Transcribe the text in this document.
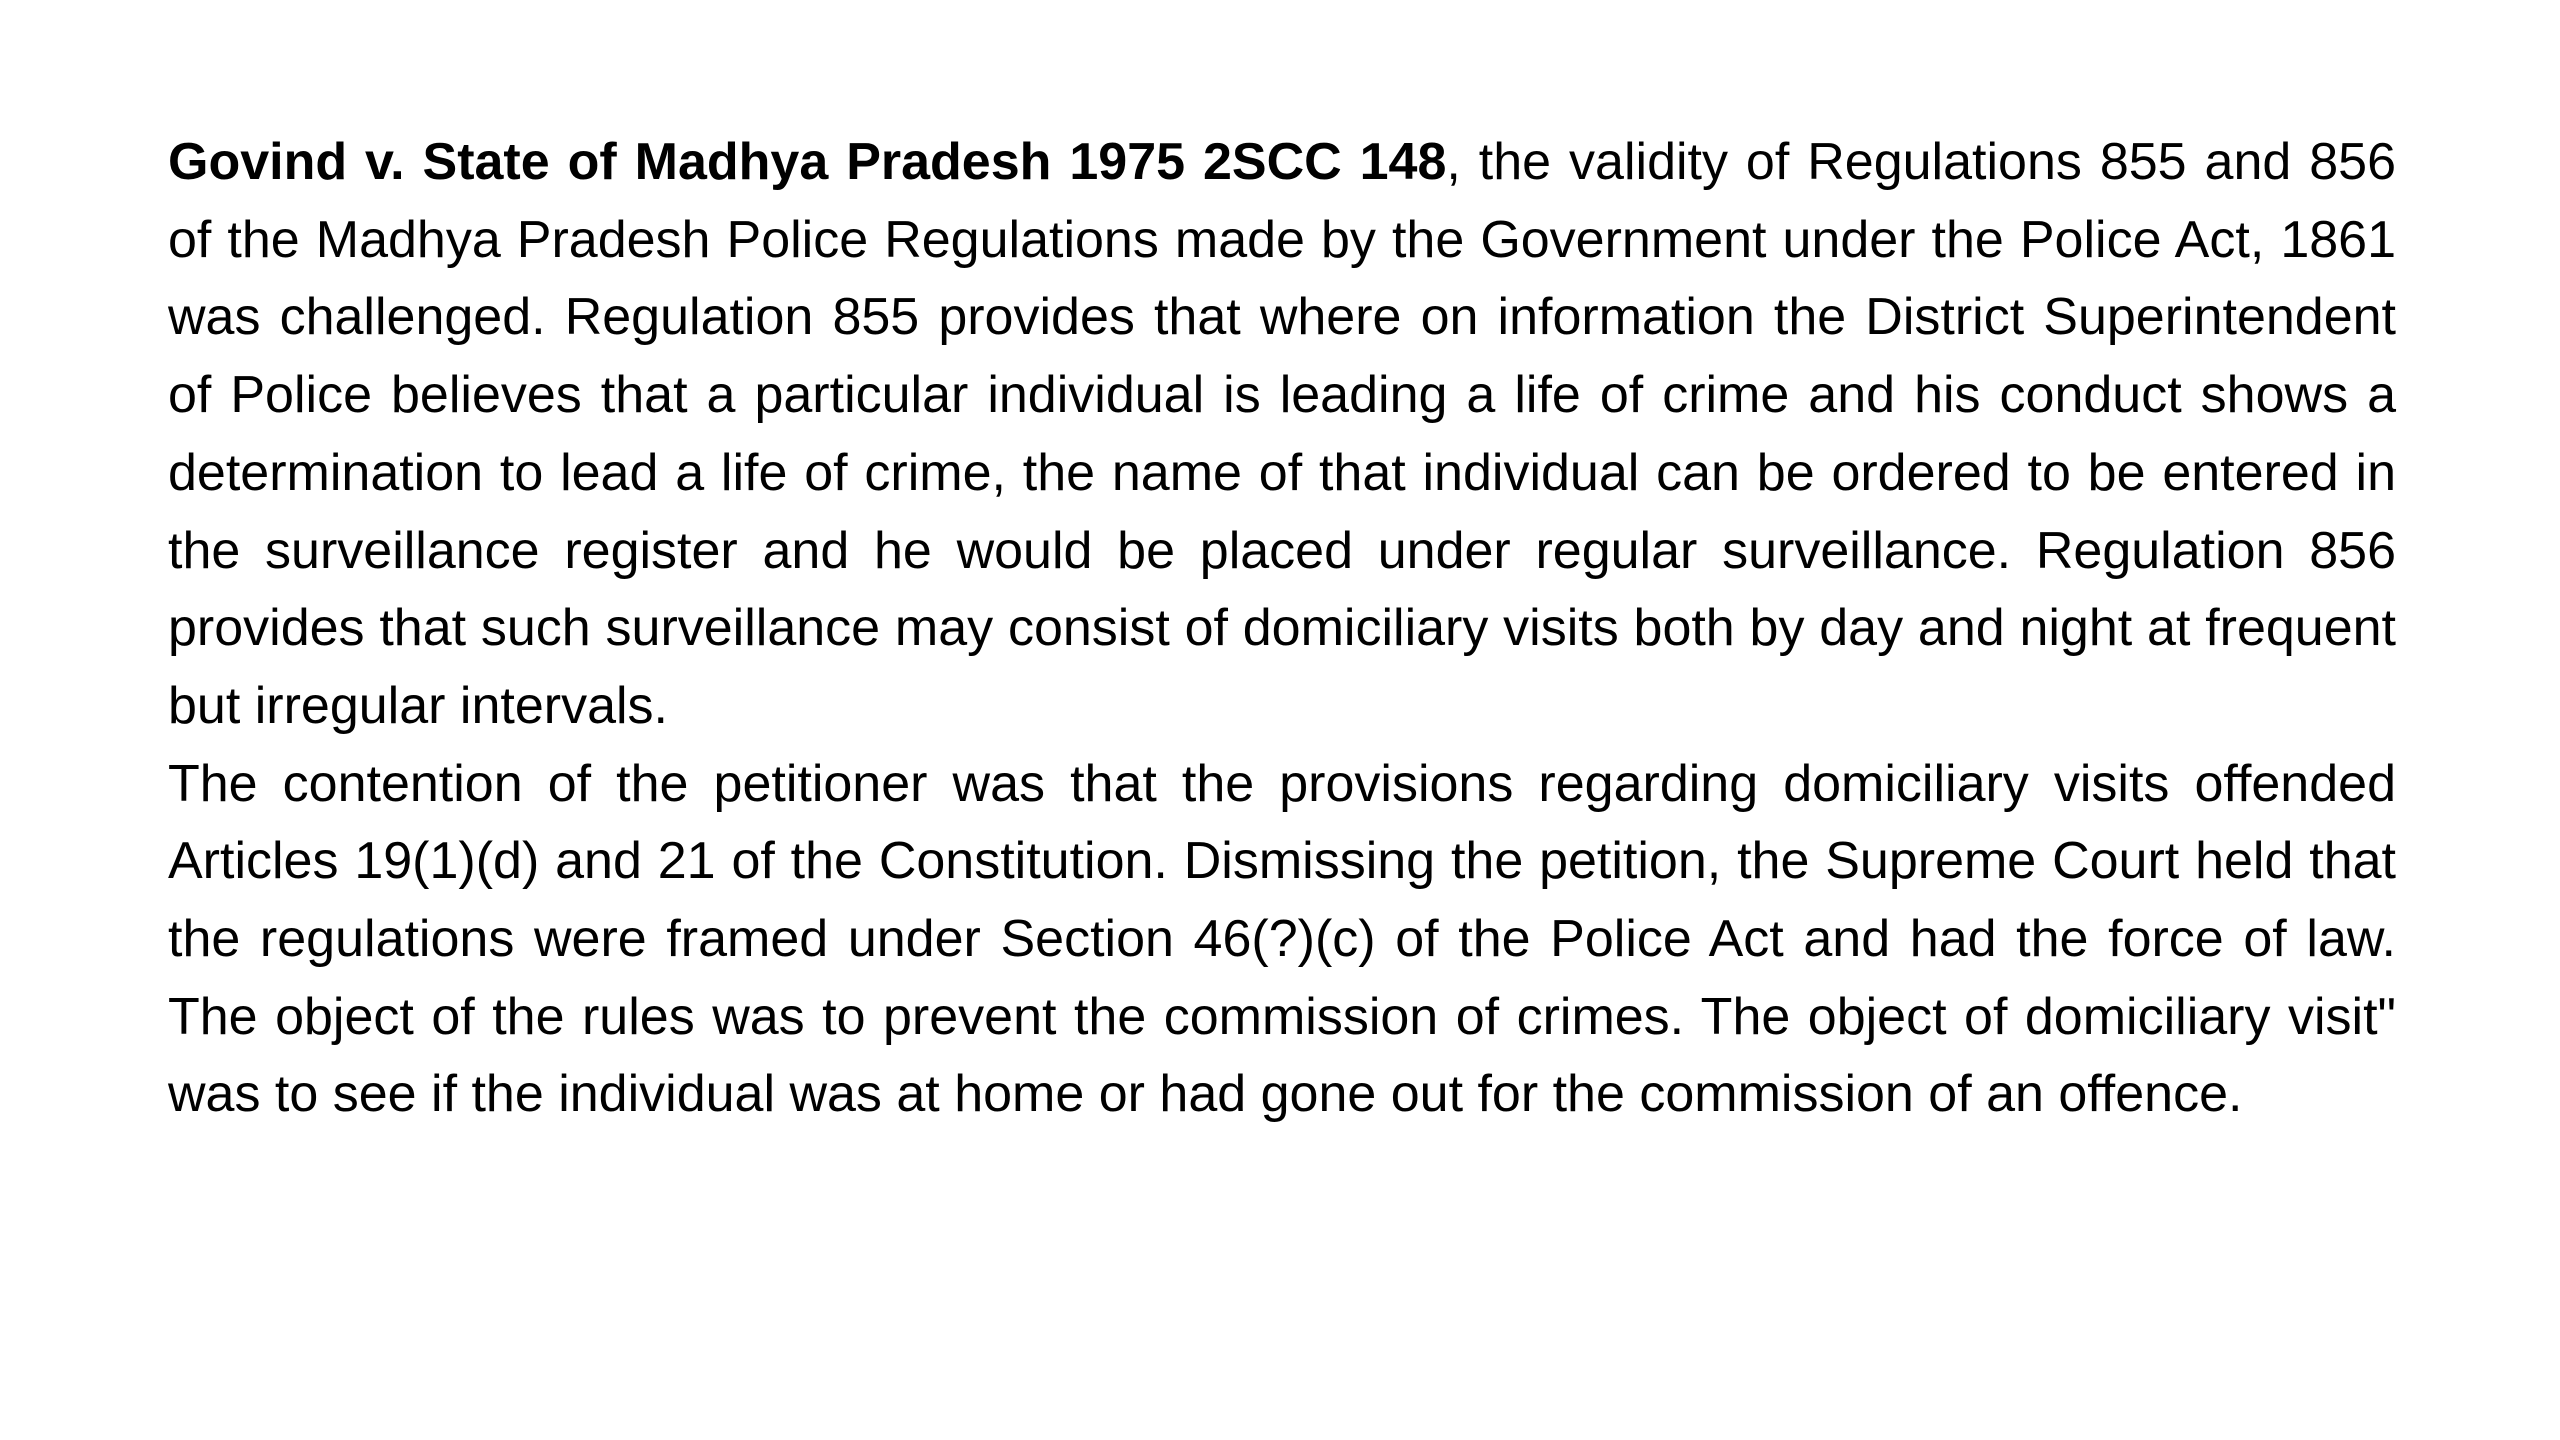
Govind v. State of Madhya Pradesh 1975 2SCC 148, the validity of Regulations 855 and 856 of the Madhya Pradesh Police Regulations made by the Government under the Police Act, 1861 was challenged. Regulation 855 provides that where on information the District Superintendent of Police believes that a particular individual is leading a life of crime and his conduct shows a determination to lead a life of crime, the name of that individual can be ordered to be entered in the surveillance register and he would be placed under regular surveillance. Regulation 856 provides that such surveillance may consist of domiciliary visits both by day and night at frequent but irregular intervals.

The contention of the petitioner was that the provisions regarding domiciliary visits offended Articles 19(1)(d) and 21 of the Constitution. Dismissing the petition, the Supreme Court held that the regulations were framed under Section 46(?)(c) of the Police Act and had the force of law. The object of the rules was to prevent the commission of crimes. The object of domiciliary visit" was to see if the individual was at home or had gone out for the commission of an offence.
